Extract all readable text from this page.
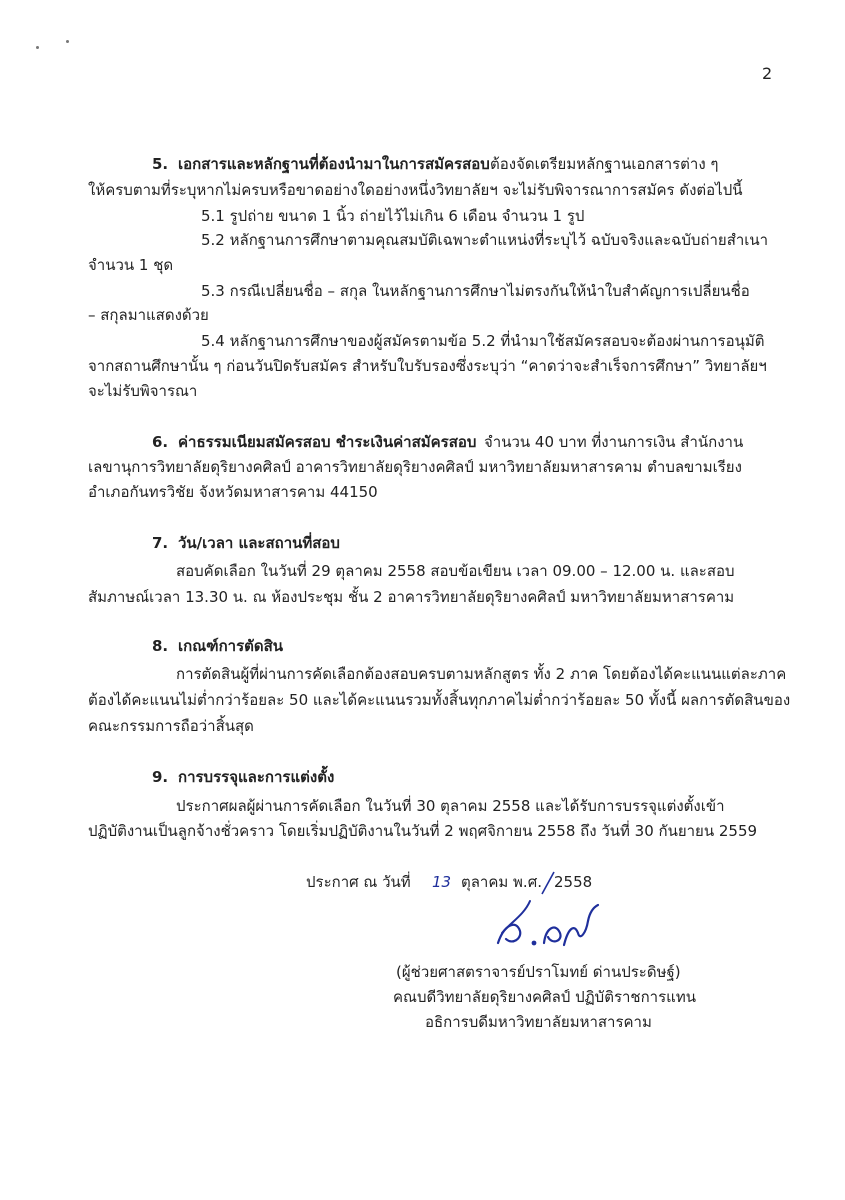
2
5. เอกสารและหลักฐานที่ต้องนำมาในการสมัครสอบ ต้องจัดเตรียมหลักฐานเอกสารต่าง ๆ
ให้ครบตามที่ระบุหากไม่ครบหรือขาดอย่างใดอย่างหนึ่งวิทยาลัยฯ จะไม่รับพิจารณาการสมัคร ดังต่อไปนี้
5.1 รูปถ่าย ขนาด 1 นิ้ว ถ่ายไว้ไม่เกิน 6 เดือน จำนวน 1 รูป
5.2 หลักฐานการศึกษาตามคุณสมบัติเฉพาะตำแหน่งที่ระบุไว้ ฉบับจริงและฉบับถ่ายสำเนา
จำนวน 1 ชุด
5.3 กรณีเปลี่ยนชื่อ – สกุล ในหลักฐานการศึกษาไม่ตรงกันให้นำใบสำคัญการเปลี่ยนชื่อ
– สกุลมาแสดงด้วย
5.4 หลักฐานการศึกษาของผู้สมัครตามข้อ 5.2 ที่นำมาใช้สมัครสอบจะต้องผ่านการอนุมัติ
จากสถานศึกษานั้น ๆ ก่อนวันปิดรับสมัคร สำหรับใบรับรองซึ่งระบุว่า “คาดว่าจะสำเร็จการศึกษา” วิทยาลัยฯ
จะไม่รับพิจารณา
6. ค่าธรรมเนียมสมัครสอบ ชำระเงินค่าสมัครสอบ จำนวน 40 บาท ที่งานการเงิน สำนักงาน
เลขานุการวิทยาลัยดุริยางคศิลป์ อาคารวิทยาลัยดุริยางคศิลป์ มหาวิทยาลัยมหาสารคาม ตำบลขามเรียง
อำเภอกันทรวิชัย จังหวัดมหาสารคาม 44150
7. วัน/เวลา และสถานที่สอบ
สอบคัดเลือก ในวันที่ 29 ตุลาคม 2558 สอบข้อเขียน เวลา 09.00 – 12.00 น. และสอบ
สัมภาษณ์เวลา 13.30 น. ณ ห้องประชุม ชั้น 2 อาคารวิทยาลัยดุริยางคศิลป์ มหาวิทยาลัยมหาสารคาม
8. เกณฑ์การตัดสิน
การตัดสินผู้ที่ผ่านการคัดเลือกต้องสอบครบตามหลักสูตร ทั้ง 2 ภาค โดยต้องได้คะแนนแต่ละภาค
ต้องได้คะแนนไม่ต่ำกว่าร้อยละ 50 และได้คะแนนรวมทั้งสิ้นทุกภาคไม่ต่ำกว่าร้อยละ 50 ทั้งนี้ ผลการตัดสินของ
คณะกรรมการถือว่าสิ้นสุด
9. การบรรจุและการแต่งตั้ง
ประกาศผลผู้ผ่านการคัดเลือก ในวันที่ 30 ตุลาคม 2558 และได้รับการบรรจุแต่งตั้งเข้า
ปฏิบัติงานเป็นลูกจ้างชั่วคราว โดยเริ่มปฏิบัติงานในวันที่ 2 พฤศจิกายน 2558 ถึง วันที่ 30 กันยายน 2559
ประกาศ ณ วันที่ 13 ตุลาคม พ.ศ. 2558
(ผู้ช่วยศาสตราจารย์ปราโมทย์ ด่านประดิษฐ์)
คณบดีวิทยาลัยดุริยางคศิลป์ ปฏิบัติราชการแทน
อธิการบดีมหาวิทยาลัยมหาสารคาม
